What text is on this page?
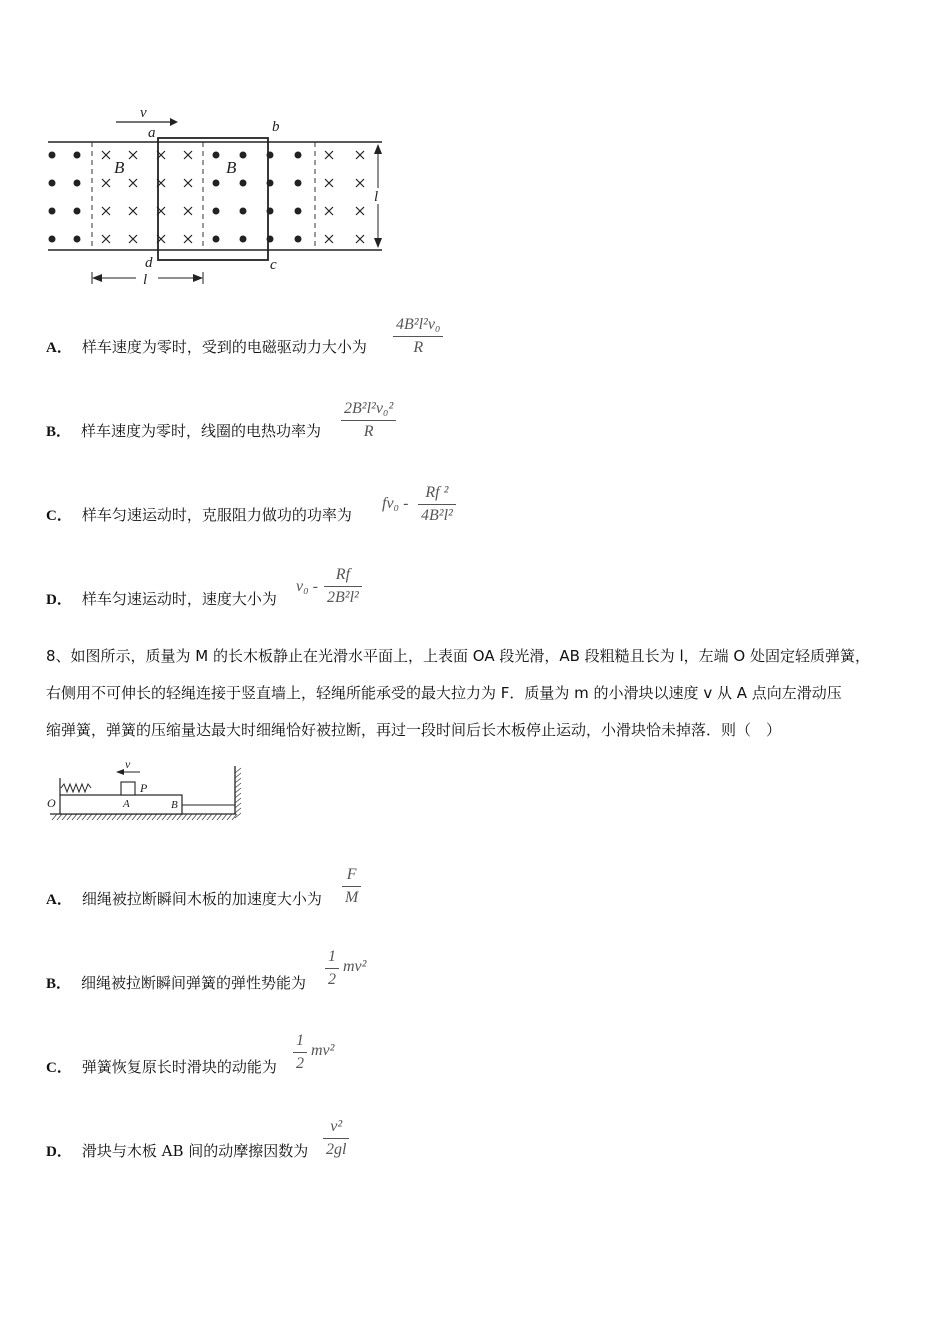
v
a	b
c
d
B	B
l
l
A． 样车速度为零时，受到的电磁驱动力大小为 $\frac{\text{4B²l²v₀}}{R}$
B． 样车速度为零时，线圈的电热功率为 $\frac{\text{2B²l²v₀²}}{R}$
C． 样车匀速运动时，克服阻力做功的功率为
$fv_0 - \frac{\text{Rf ²}}{\text{4B²l²}}$
D． 样车匀速运动时，速度大小为
$v_0 - \frac{Rf}{\text{2B²l²}}$
8、如图所示，质量为 M 的长木板静止在光滑水平面上，上表面 OA 段光滑，AB 段粗糙且长为 l，左端 O 处固定轻质弹簧，
右侧用不可伸长的轻绳连接于竖直墙上，轻绳所能承受的最大拉力为 F．质量为 m 的小滑块以速度 v 从 A 点向左滑动压
缩弹簧，弹簧的压缩量达最大时细绳恰好被拉断，再过一段时间后长木板停止运动，小滑块恰未掉落．则（　）
v
P
O	A	B
A． 细绳被拉断瞬间木板的加速度大小为 $\frac{F}{M}$
B． 细绳被拉断瞬间弹簧的弹性势能为 $\frac{1}{2} mv^2$
C． 弹簧恢复原长时滑块的动能为 $\frac{1}{2} mv^2$
D． 滑块与木板 AB 间的动摩擦因数为 $\frac{\text{v²}}{2gl}$
